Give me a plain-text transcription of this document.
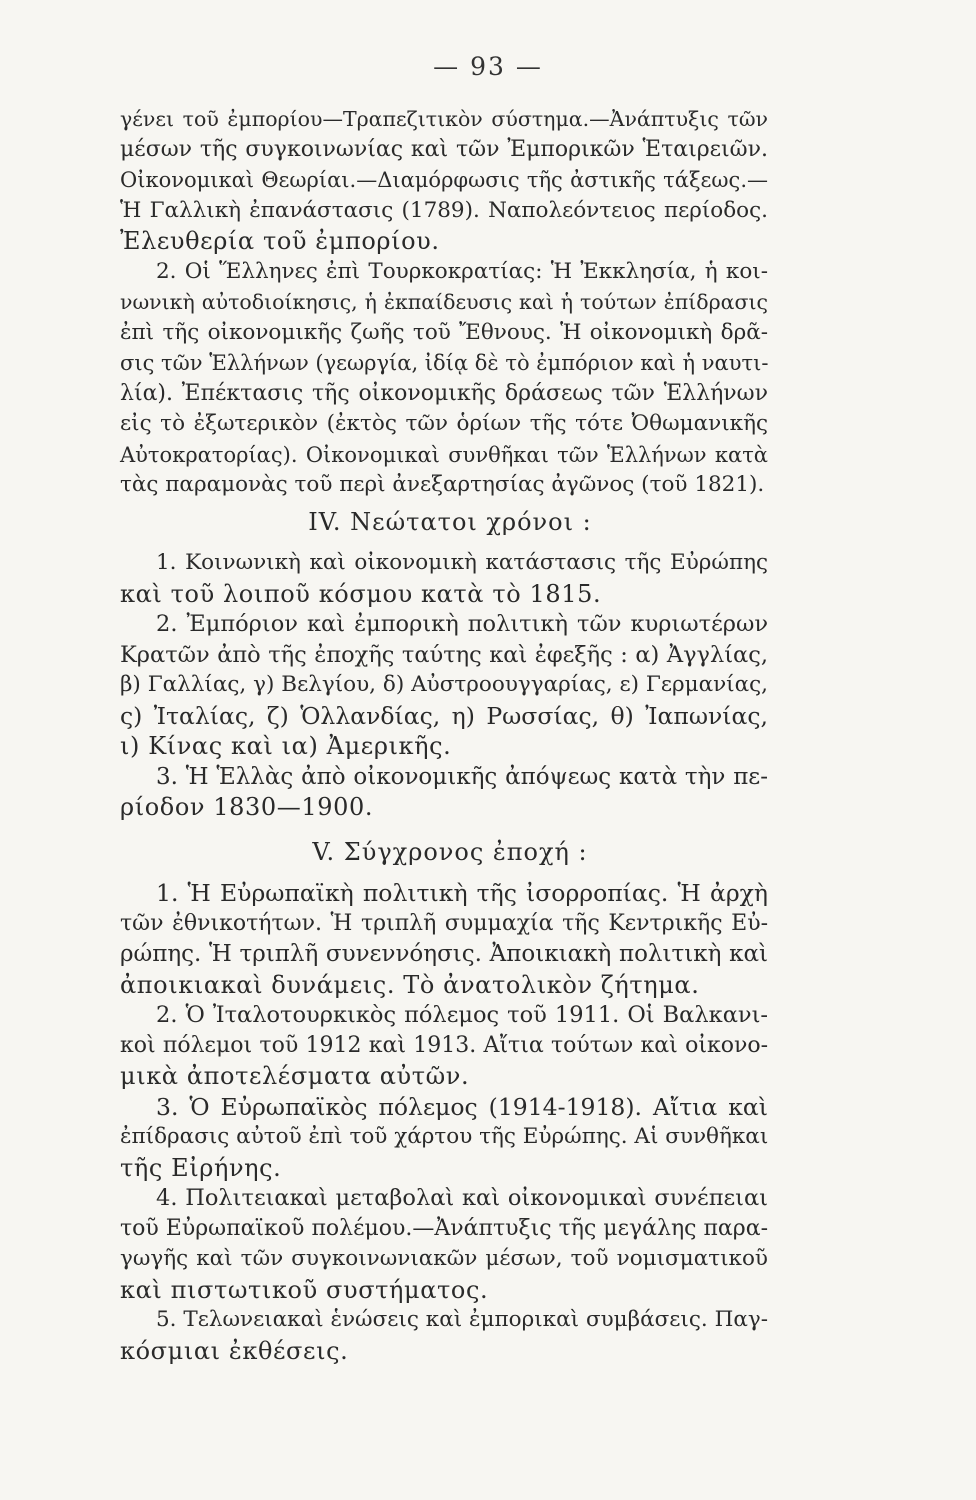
— 93 —
γένει τοῦ ἐμπορίου—Τραπεζιτικὸν σύστημα.—Ἀνάπτυξις τῶν
μέσων τῆς συγκοινωνίας καὶ τῶν Ἐμπορικῶν Ἑταιρειῶν.
Οἰκονομικαὶ Θεωρίαι.—Διαμόρφωσις τῆς ἀστικῆς τάξεως.—
Ἡ Γαλλικὴ ἐπανάστασις (1789). Ναπολεόντειος περίοδος.
Ἐλευθερία τοῦ ἐμπορίου.
2. Οἱ Ἕλληνες ἐπὶ Τουρκοκρατίας: Ἡ Ἐκκλησία, ἡ κοι-
νωνικὴ αὐτοδιοίκησις, ἡ ἐκπαίδευσις καὶ ἡ τούτων ἐπίδρασις
ἐπὶ τῆς οἰκονομικῆς ζωῆς τοῦ Ἔθνους. Ἡ οἰκονομικὴ δρᾶ-
σις τῶν Ἑλλήνων (γεωργία, ἰδίᾳ δὲ τὸ ἐμπόριον καὶ ἡ ναυτι-
λία). Ἐπέκτασις τῆς οἰκονομικῆς δράσεως τῶν Ἑλλήνων
εἰς τὸ ἐξωτερικὸν (ἐκτὸς τῶν ὁρίων τῆς τότε Ὀθωμανικῆς
Αὐτοκρατορίας). Οἰκονομικαὶ συνθῆκαι τῶν Ἑλλήνων κατὰ
τὰς παραμονὰς τοῦ περὶ ἀνεξαρτησίας ἀγῶνος (τοῦ 1821).
IV. Νεώτατοι χρόνοι :
1. Κοινωνικὴ καὶ οἰκονομικὴ κατάστασις τῆς Εὐρώπης
καὶ τοῦ λοιποῦ κόσμου κατὰ τὸ 1815.
2. Ἐμπόριον καὶ ἐμπορικὴ πολιτικὴ τῶν κυριωτέρων
Κρατῶν ἀπὸ τῆς ἐποχῆς ταύτης καὶ ἐφεξῆς : α) Ἀγγλίας,
β) Γαλλίας, γ) Βελγίου, δ) Αὐστροουγγαρίας, ε) Γερμανίας,
ς) Ἰταλίας, ζ) Ὁλλανδίας, η) Ρωσσίας, θ) Ἰαπωνίας,
ι) Κίνας καὶ ια) Ἀμερικῆς.
3. Ἡ Ἑλλὰς ἀπὸ οἰκονομικῆς ἀπόψεως κατὰ τὴν πε-
ρίοδον 1830—1900.
V. Σύγχρονος ἐποχή :
1. Ἡ Εὐρωπαϊκὴ πολιτικὴ τῆς ἰσορροπίας. Ἡ ἀρχὴ
τῶν ἐθνικοτήτων. Ἡ τριπλῆ συμμαχία τῆς Κεντρικῆς Εὐ-
ρώπης. Ἡ τριπλῆ συνεννόησις. Ἀποικιακὴ πολιτικὴ καὶ
ἀποικιακαὶ δυνάμεις. Τὸ ἀνατολικὸν ζήτημα.
2. Ὁ Ἰταλοτουρκικὸς πόλεμος τοῦ 1911. Οἱ Βαλκανι-
κοὶ πόλεμοι τοῦ 1912 καὶ 1913. Αἴτια τούτων καὶ οἰκονο-
μικὰ ἀποτελέσματα αὐτῶν.
3. Ὁ Εὐρωπαϊκὸς πόλεμος (1914-1918). Αἴτια καὶ
ἐπίδρασις αὐτοῦ ἐπὶ τοῦ χάρτου τῆς Εὐρώπης. Αἱ συνθῆκαι
τῆς Εἰρήνης.
4. Πολιτειακαὶ μεταβολαὶ καὶ οἰκονομικαὶ συνέπειαι
τοῦ Εὐρωπαϊκοῦ πολέμου.—Ἀνάπτυξις τῆς μεγάλης παρα-
γωγῆς καὶ τῶν συγκοινωνιακῶν μέσων, τοῦ νομισματικοῦ
καὶ πιστωτικοῦ συστήματος.
5. Τελωνειακαὶ ἑνώσεις καὶ ἐμπορικαὶ συμβάσεις. Παγ-
κόσμιαι ἐκθέσεις.
